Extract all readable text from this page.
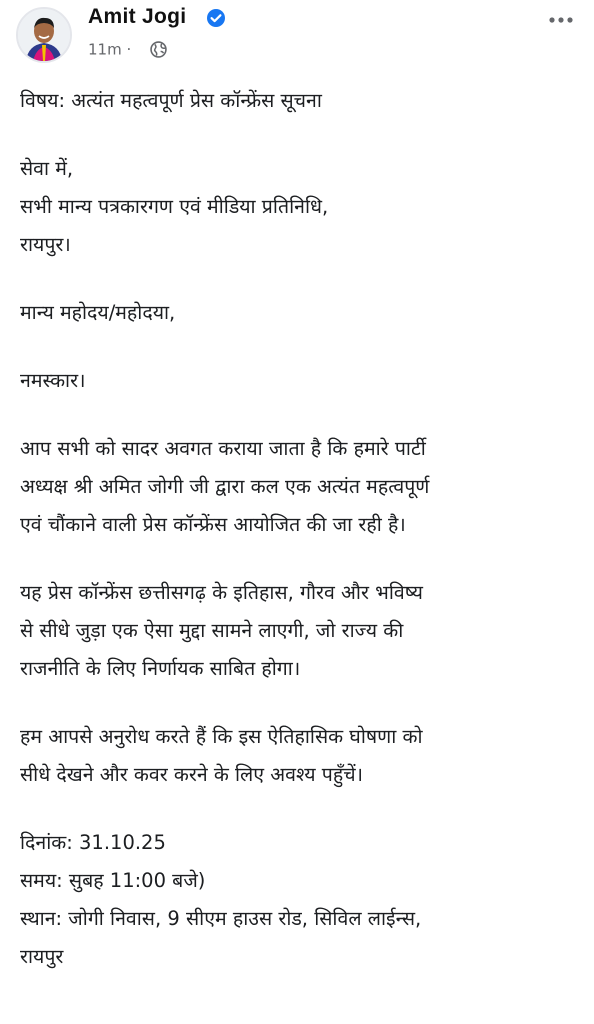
Amit Jogi
11m ·

विषय: अत्यंत महत्वपूर्ण प्रेस कॉन्फ्रेंस सूचना

सेवा में,
सभी मान्य पत्रकारगण एवं मीडिया प्रतिनिधि,
रायपुर।

मान्य महोदय/महोदया,

नमस्कार।

आप सभी को सादर अवगत कराया जाता है कि हमारे पार्टी
अध्यक्ष श्री अमित जोगी जी द्वारा कल एक अत्यंत महत्वपूर्ण
एवं चौंकाने वाली प्रेस कॉन्फ्रेंस आयोजित की जा रही है।

यह प्रेस कॉन्फ्रेंस छत्तीसगढ़ के इतिहास, गौरव और भविष्य
से सीधे जुड़ा एक ऐसा मुद्दा सामने लाएगी, जो राज्य की
राजनीति के लिए निर्णायक साबित होगा।

हम आपसे अनुरोध करते हैं कि इस ऐतिहासिक घोषणा को
सीधे देखने और कवर करने के लिए अवश्य पहुँचें।

दिनांक: 31.10.25
समय: सुबह 11:00 बजे)
स्थान: जोगी निवास, 9 सीएम हाउस रोड, सिविल लाईन्स,
रायपुर
